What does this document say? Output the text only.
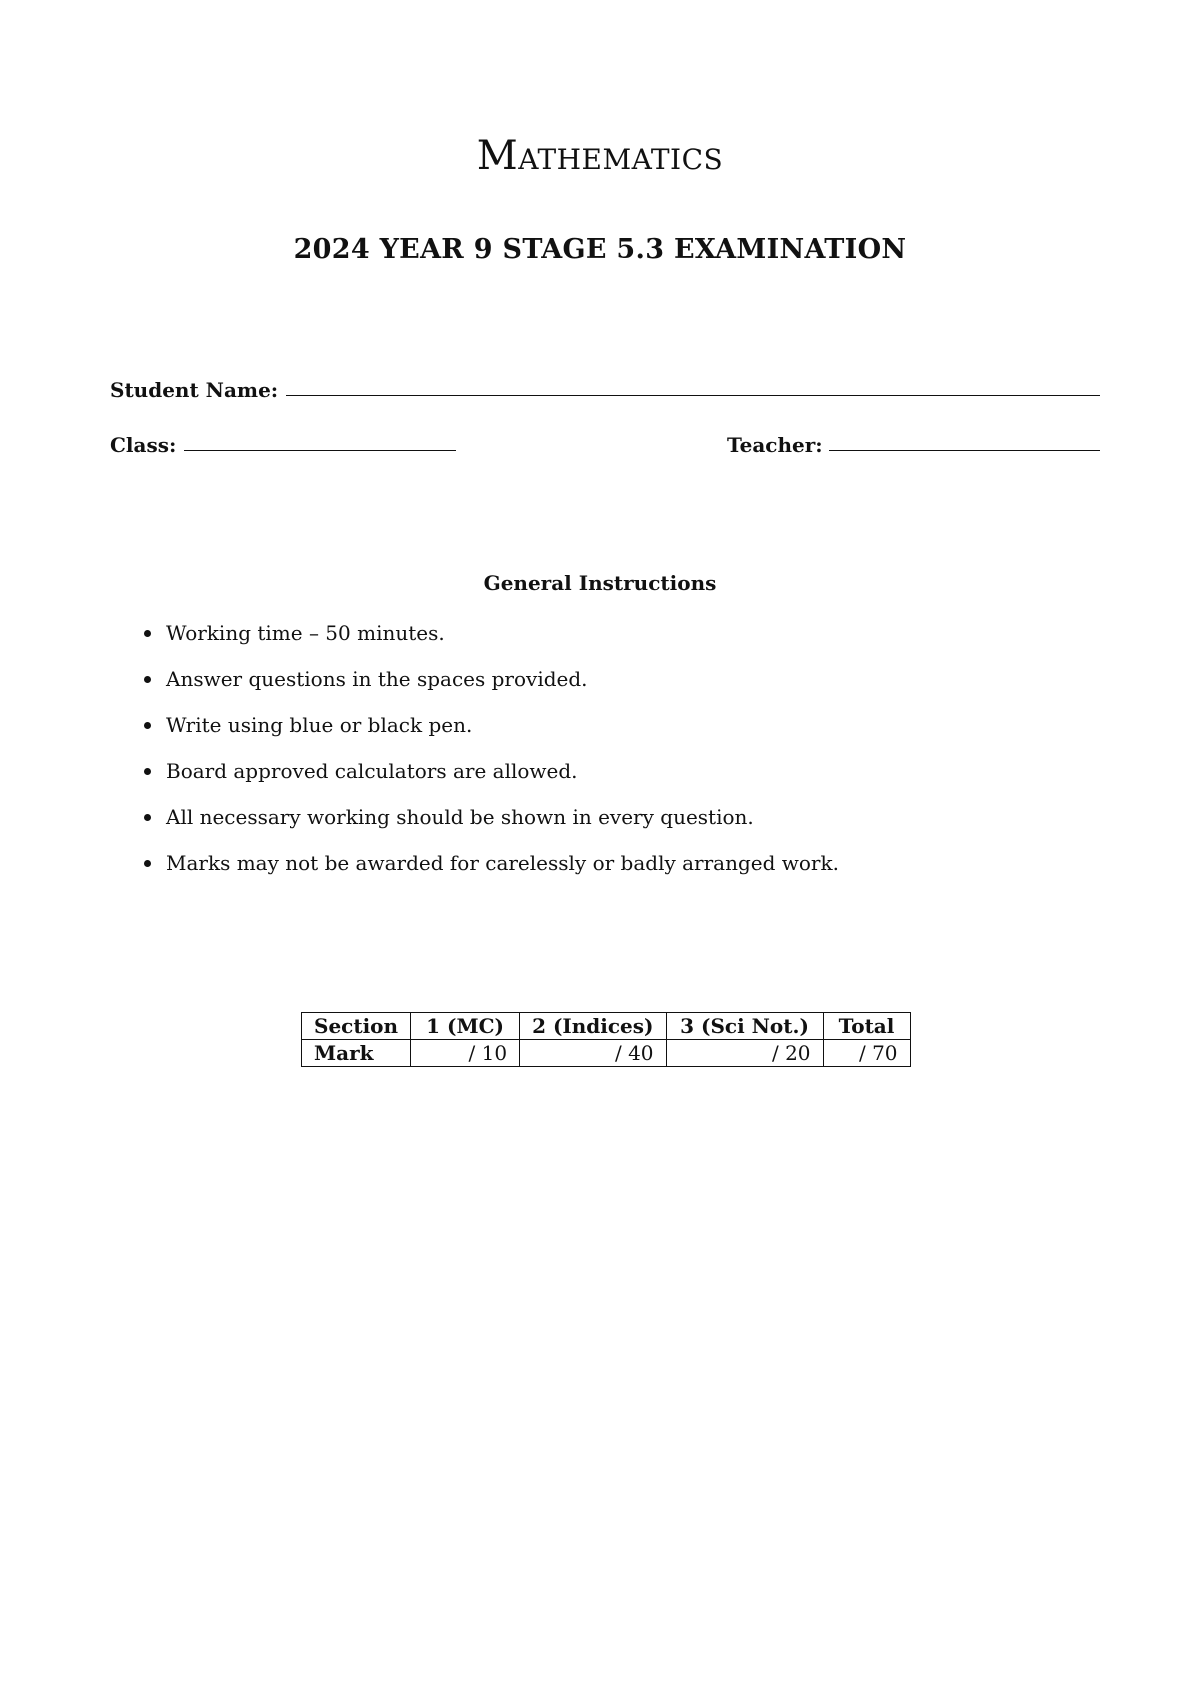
Mathematics
2024 YEAR 9 STAGE 5.3 EXAMINATION
Student Name:
Class:	Teacher:
General Instructions
Working time – 50 minutes.
Answer questions in the spaces provided.
Write using blue or black pen.
Board approved calculators are allowed.
All necessary working should be shown in every question.
Marks may not be awarded for carelessly or badly arranged work.
Section	1 (MC)	2 (Indices)	3 (Sci Not.)	Total
Mark	/ 10	/ 40	/ 20	/ 70
